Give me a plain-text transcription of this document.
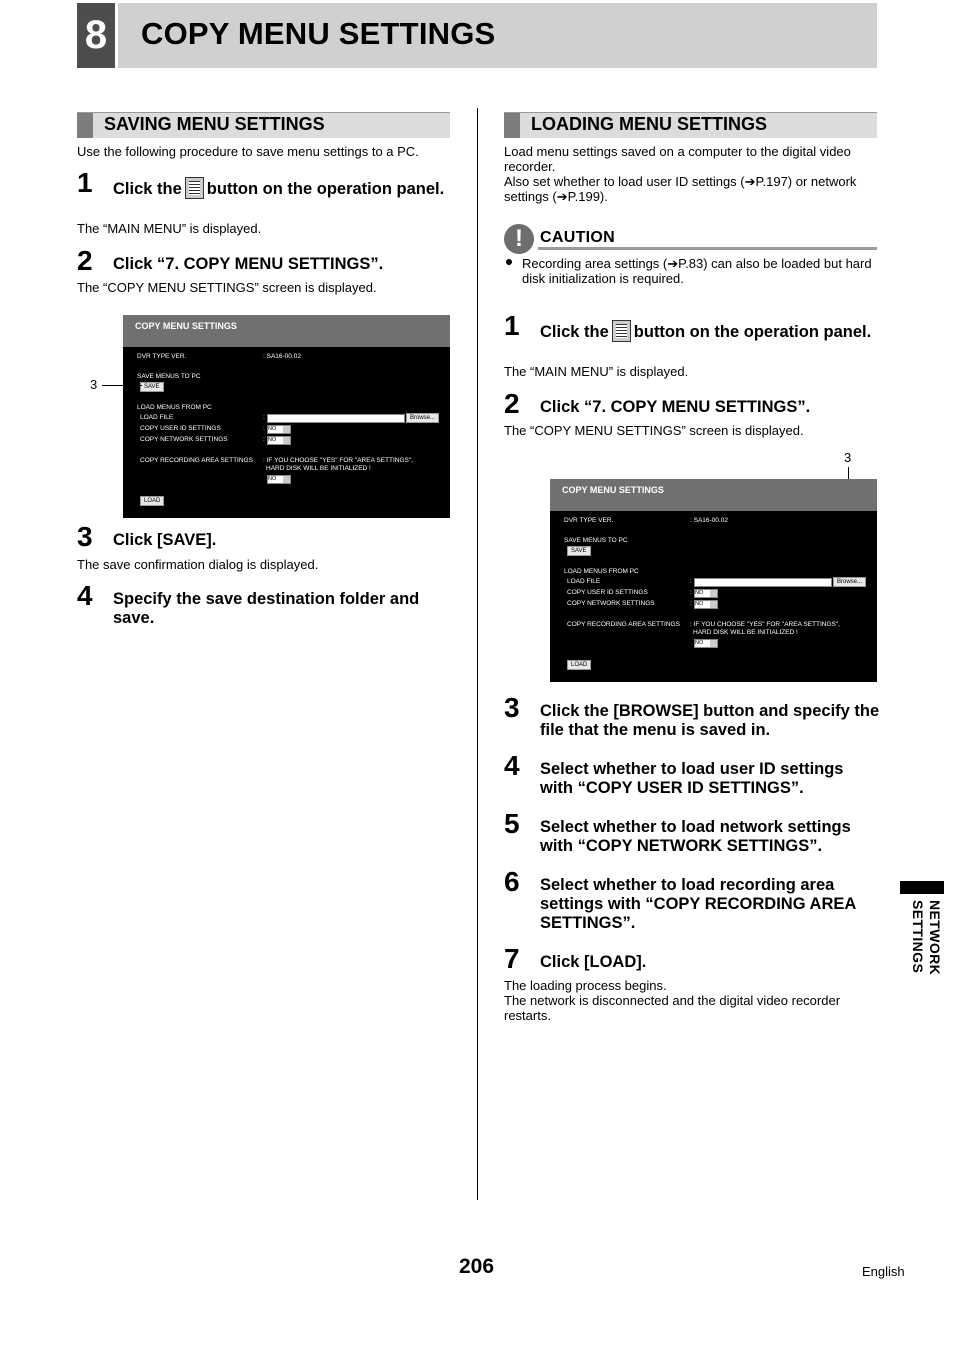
8 COPY MENU SETTINGS
SAVING MENU SETTINGS
Use the following procedure to save menu settings to a PC.
1 Click the button on the operation panel.
The “MAIN MENU” is displayed.
2 Click “7. COPY MENU SETTINGS”.
The “COPY MENU SETTINGS” screen is displayed.
COPY MENU SETTINGS
DVR TYPE VER.	: SA16-00.02
SAVE MENUS TO PC
SAVE
LOAD MENUS FROM PC
LOAD FILE	:	Browse...
COPY USER ID SETTINGS	: NO
COPY NETWORK SETTINGS	: NO
COPY RECORDING AREA SETTINGS : IF YOU CHOOSE "YES" FOR "AREA SETTINGS",
HARD DISK WILL BE INITIALIZED !
NO
LOAD
3
3 Click [SAVE].
The save confirmation dialog is displayed.
4 Specify the save destination folder and save.
LOADING MENU SETTINGS
Load menu settings saved on a computer to the digital video recorder.
Also set whether to load user ID settings (➔P.197) or network settings (➔P.199).
!	CAUTION
Recording area settings (➔P.83) can also be loaded but hard disk initialization is required.
1 Click the button on the operation panel.
The “MAIN MENU” is displayed.
2 Click “7. COPY MENU SETTINGS”.
The “COPY MENU SETTINGS” screen is displayed.
3
COPY MENU SETTINGS
DVR TYPE VER.	: SA16-00.02
SAVE MENUS TO PC
SAVE
LOAD MENUS FROM PC
LOAD FILE	:	Browse...
COPY USER ID SETTINGS	: NO
COPY NETWORK SETTINGS	: NO
COPY RECORDING AREA SETTINGS : IF YOU CHOOSE "YES" FOR "AREA SETTINGS",
HARD DISK WILL BE INITIALIZED !
NO
LOAD
3 Click the [BROWSE] button and specify the file that the menu is saved in.
4 Select whether to load user ID settings with “COPY USER ID SETTINGS”.
5 Select whether to load network settings with “COPY NETWORK SETTINGS”.
6 Select whether to load recording area settings with “COPY RECORDING AREA SETTINGS”.
7 Click [LOAD].
The loading process begins.
The network is disconnected and the digital video recorder restarts.
NETWORK SETTINGS
206	English
